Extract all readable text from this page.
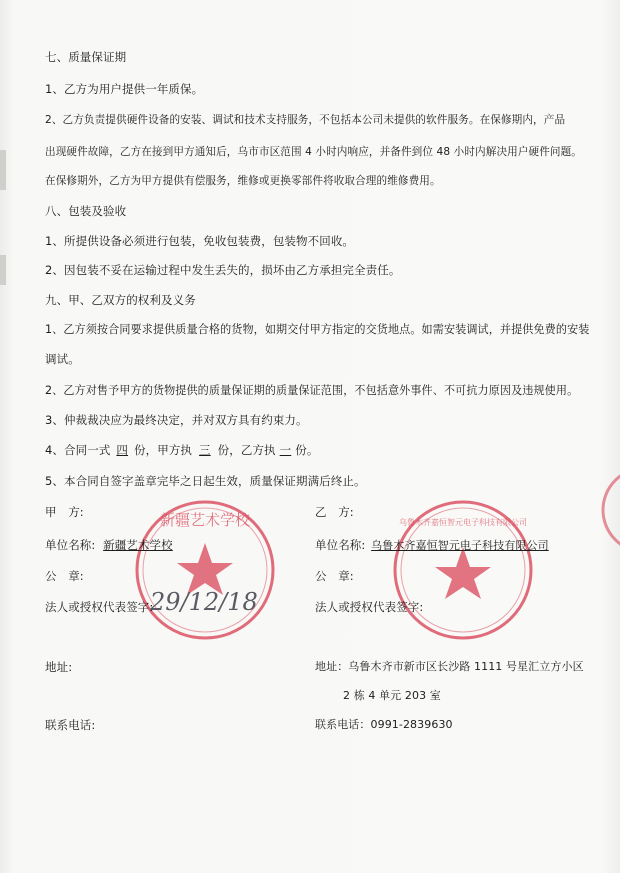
七、质量保证期
1、乙方为用户提供一年质保。
2、乙方负责提供硬件设备的安装、调试和技术支持服务，不包括本公司未提供的软件服务。在保修期内，产品
出现硬件故障，乙方在接到甲方通知后，乌市市区范围 4 小时内响应，并备件到位 48 小时内解决用户硬件问题。
在保修期外，乙方为甲方提供有偿服务，维修或更换零部件将收取合理的维修费用。
八、包装及验收
1、所提供设备必须进行包装，免收包装费，包装物不回收。
2、因包装不妥在运输过程中发生丢失的，损坏由乙方承担完全责任。
九、甲、乙双方的权利及义务
1、乙方须按合同要求提供质量合格的货物，如期交付甲方指定的交货地点。如需安装调试，并提供免费的安装
调试。
2、乙方对售予甲方的货物提供的质量保证期的质量保证范围，不包括意外事件、不可抗力原因及违规使用。
3、仲裁裁决应为最终决定，并对双方具有约束力。
4、合同一式 四 份，甲方执 三 份，乙方执 一 份。
5、本合同自签字盖章完毕之日起生效，质量保证期满后终止。
新疆艺术学校	乌鲁木齐嘉恒智元电子科技有限公司
甲　方:
单位名称: 新疆艺术学校
公　章:
法人或授权代表签字:
29/12/18
地址:
联系电话:
乙　方:
单位名称: 乌鲁木齐嘉恒智元电子科技有限公司
公　章:
法人或授权代表签字:
地址：乌鲁木齐市新市区长沙路 1111 号星汇立方小区
2 栋 4 单元 203 室
联系电话：0991-2839630
